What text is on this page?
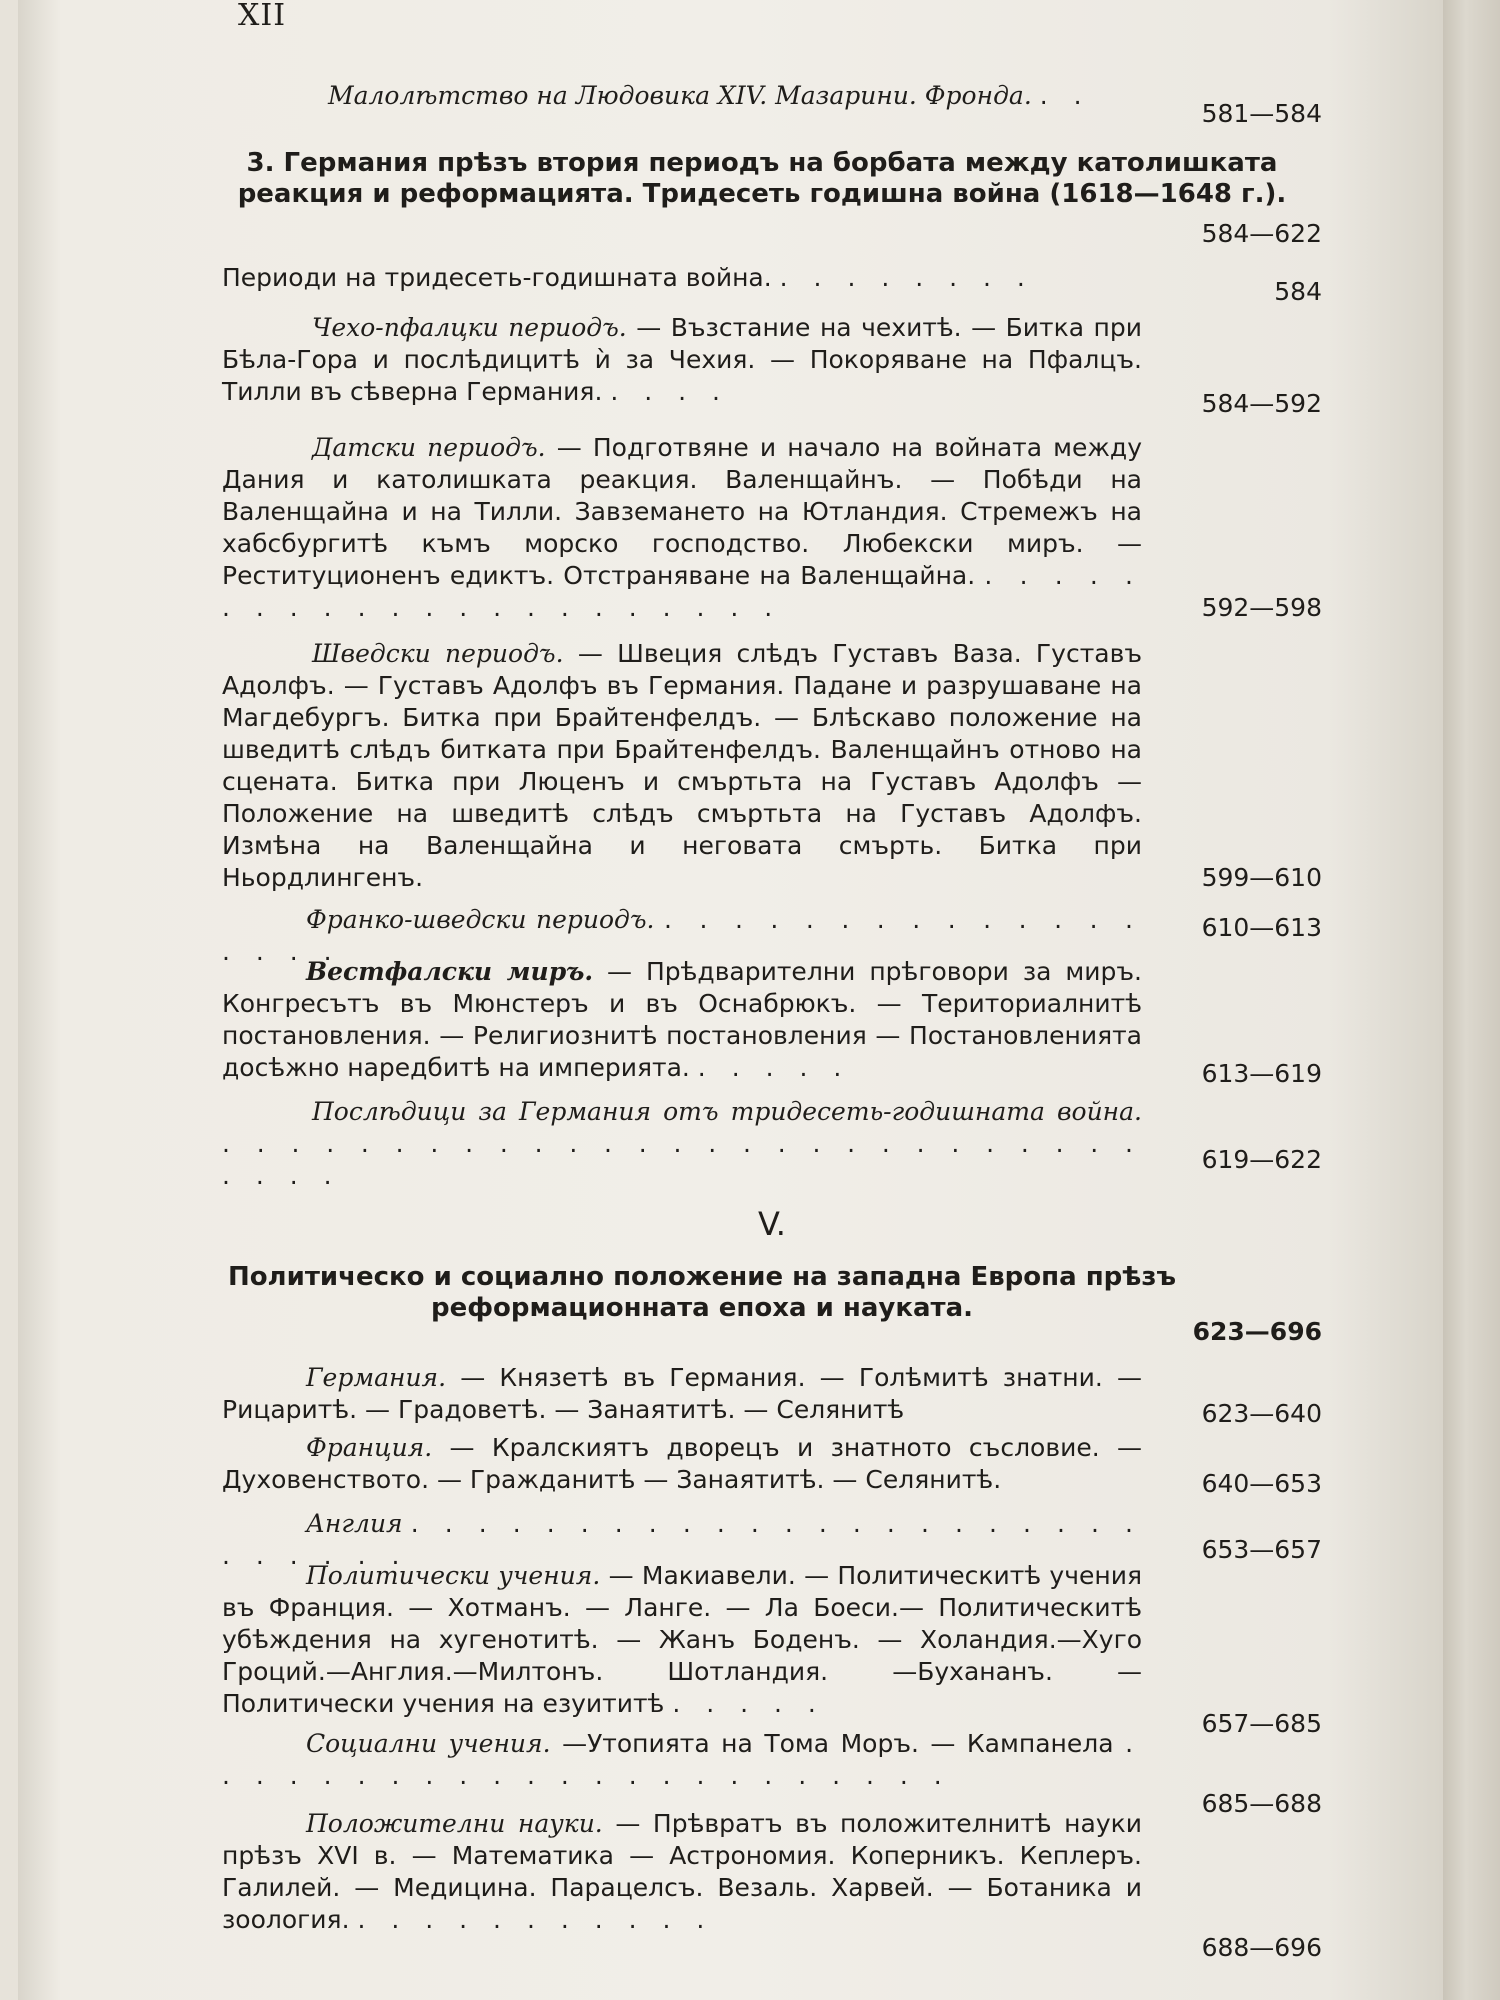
XII
Малолѣтство на Людовика XIV. Мазарини. Фронда. . .
581—584
3. Германия прѣзъ втория периодъ на борбата между католишката реакция и реформацията. Тридесеть годишна война (1618—1648 г.).
584—622
Периоди на тридесеть-годишната война. . . . . . . . .	584
Чехо-пфалцки периодъ. — Възстание на чехитѣ. — Битка при Бѣла-Гора и послѣдицитѣ ѝ за Чехия. — Покоряване на Пфалцъ. Тилли въ сѣверна Германия. . . . .	584—592
Датски периодъ. — Подготвяне и начало на войната между Дания и католишката реакция. Валенщайнъ. — Побѣди на Валенщайна и на Тилли. Завземането на Ютландия. Стремежъ на хабсбургитѣ къмъ морско господство. Любекски миръ. — Реституционенъ едиктъ. Отстраняване на Валенщайна. . . . . . . . . . . . . . . . . . . . . . .	592—598
Шведски периодъ. — Швеция слѣдъ Густавъ Ваза. Густавъ Адолфъ. — Густавъ Адолфъ въ Германия. Падане и разрушаване на Магдебургъ. Битка при Брайтенфелдъ. — Блѣскаво положение на шведитѣ слѣдъ битката при Брайтенфелдъ. Валенщайнъ отново на сцената. Битка при Люценъ и смъртьта на Густавъ Адолфъ — Положение на шведитѣ слѣдъ смъртьта на Густавъ Адолфъ. Измѣна на Валенщайна и неговата смърть. Битка при Ньордлингенъ.	599—610
Франко-шведски периодъ. . . . . . . . . . . . . . . . . . .
610—613
Вестфалски миръ. — Прѣдварителни прѣговори за миръ. Конгресътъ въ Мюнстеръ и въ Оснабрюкъ. — Териториалнитѣ постановления. — Религиознитѣ постановления — Постановленията досѣжно наредбитѣ на империята. . . . . .	613—619
Послѣдици за Германия отъ тридесеть-годишната война. . . . . . . . . . . . . . . . . . . . . . . . . . . . . . . .
619—622
V.
Политическо и социално положение на западна Европа прѣзъ реформационната епоха и науката.
623—696
Германия. — Князетѣ въ Германия. — Голѣмитѣ знатни. — Рицаритѣ. — Градоветѣ. — Занаятитѣ. — Селянитѣ	623—640
Франция. — Кралскиятъ дворецъ и знатното съсловие. — Духовенството. — Гражданитѣ — Занаятитѣ. — Селянитѣ.	640—653
Англия . . . . . . . . . . . . . . . . . . . . . . . . . . . .	653—657
Политически учения. — Макиавели. — Политическитѣ учения въ Франция. — Хотманъ. — Ланге. — Ла Боеси.— Политическитѣ убѣждения на хугенотитѣ. — Жанъ Боденъ. — Холандия.—Хуго Гроций.—Англия.—Милтонъ. Шотландия. —Бухананъ. — Политически учения на езуититѣ . . . . .
657—685
Социални учения. —Утопията на Тома Моръ. — Кампанела . . . . . . . . . . . . . . . . . . . . . . .
685—688
Положителни науки. — Прѣвратъ въ положителнитѣ науки прѣзъ XVI в. — Математика — Астрономия. Коперникъ. Кеплеръ. Галилей. — Медицина. Парацелсъ. Везаль. Харвей. — Ботаника и зоология. . . . . . . . . . . .
688—696
